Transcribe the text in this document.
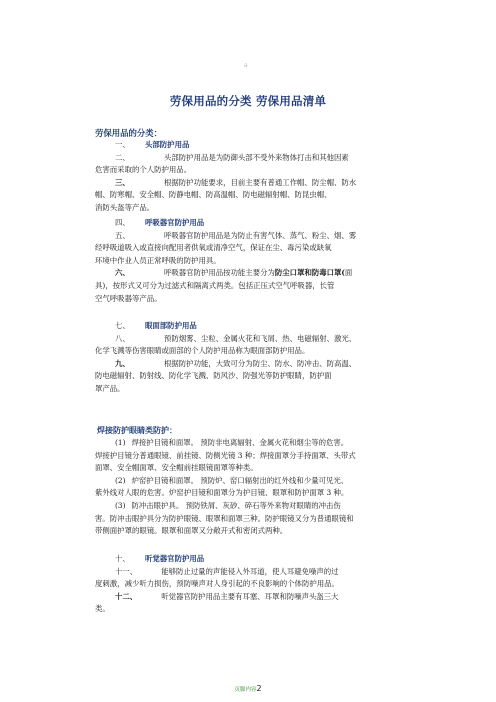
a
劳保用品的分类 劳保用品清单
劳保用品的分类：
一、 头部防护用品
二、	头部防护用品是为防御头部不受外来物体打击和其他因素
危害而采取的个人防护用品。
三、	根据防护功能要求，目前主要有普通工作帽、防尘帽、防水
帽、防寒帽、安全帽、防静电帽、防高温帽、防电磁辐射帽、防昆虫帽、
消防头盔等产品。
四、 呼吸器官防护用品
五、	呼吸器官防护用品是为防止有害气体、蒸气、粉尘、烟、雾
经呼吸道吸入或直接向配用者供氧或清净空气，保证在尘、毒污染或缺氧
环境中作业人员正常呼吸的防护用具。
六、	呼吸器官防护用品按功能主要分为防尘口罩和防毒口罩(面
具)，按形式又可分为过滤式和隔离式两类。包括正压式空气呼吸器，长管
空气呼吸器等产品。
七、 眼面部防护用品
八、	预防烟雾、尘粒、金属火花和飞屑、热、电磁辐射、激光、
化学飞溅等伤害眼睛或面部的个人防护用品称为眼面部防护用品。
九、	根据防护功能，大致可分为防尘、防水、防冲击、防高温、
防电磁辐射、防射线、防化学飞溅、防风沙、防强光等防护眼睛，防护面
罩产品。
焊接防护眼睛类防护：
(1) 焊接护目镜和面罩。 预防非电离辐射、金属火花和烟尘等的危害。
焊接护目镜分普通眼镜、前挂镜、防侧光镜 3 种；焊接面罩分手持面罩、头带式
面罩、安全帽面罩、安全帽前挂眼镜面罩等种类。
(2) 炉窑护目镜和面罩。 预防炉、窑口辐射出的红外线和少量可见光、
紫外线对人眼的危害。炉窑护目镜和面罩分为护目镜、眼罩和防护面罩 3 种。
(3) 防冲击眼护具。 预防铁屑、灰砂、碎石等外来物对眼睛的冲击伤
害。防冲击眼护具分为防护眼镜、眼罩和面罩三种。防护眼镜又分为普通眼镜和
带侧面护罩的眼镜。眼罩和面罩又分敞开式和密闭式两种。
十、 听觉器官防护用品
十一、	能够防止过量的声能侵入外耳道，使人耳避免噪声的过
度刺激，减少听力损伤，预防噪声对人身引起的不良影响的个体防护用品。
十二、	听觉器官防护用品主要有耳塞、耳罩和防噪声头盔三大
类。
页脚内容2
